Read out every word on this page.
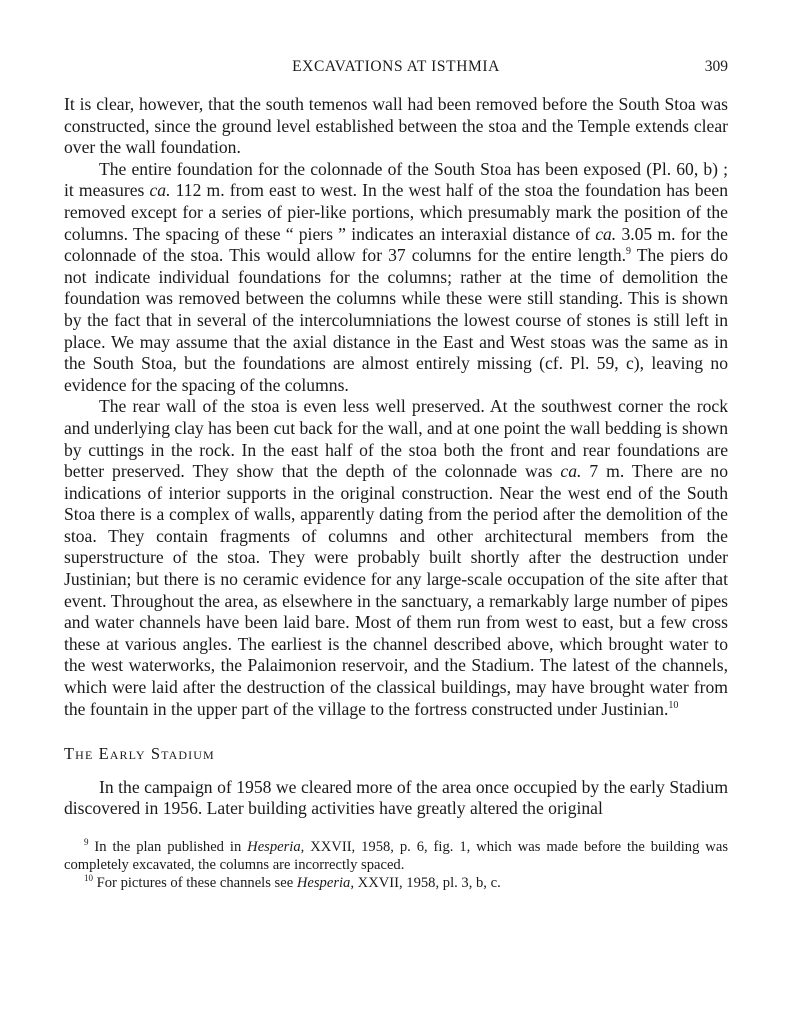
EXCAVATIONS AT ISTHMIA	309

It is clear, however, that the south temenos wall had been removed before the South Stoa was constructed, since the ground level established between the stoa and the Temple extends clear over the wall foundation.

The entire foundation for the colonnade of the South Stoa has been exposed (Pl. 60, b) ; it measures ca. 112 m. from east to west. In the west half of the stoa the foundation has been removed except for a series of pier-like portions, which presumably mark the position of the columns. The spacing of these “ piers ” indicates an interaxial distance of ca. 3.05 m. for the colonnade of the stoa. This would allow for 37 columns for the entire length.$^9$ The piers do not indicate individual foundations for the columns; rather at the time of demolition the foundation was removed between the columns while these were still standing. This is shown by the fact that in several of the intercolumniations the lowest course of stones is still left in place. We may assume that the axial distance in the East and West stoas was the same as in the South Stoa, but the foundations are almost entirely missing (cf. Pl. 59, c), leaving no evidence for the spacing of the columns.

The rear wall of the stoa is even less well preserved. At the southwest corner the rock and underlying clay has been cut back for the wall, and at one point the wall bedding is shown by cuttings in the rock. In the east half of the stoa both the front and rear foundations are better preserved. They show that the depth of the colonnade was ca. 7 m. There are no indications of interior supports in the original construction. Near the west end of the South Stoa there is a complex of walls, apparently dating from the period after the demolition of the stoa. They contain fragments of columns and other architectural members from the superstructure of the stoa. They were probably built shortly after the destruction under Justinian; but there is no ceramic evidence for any large-scale occupation of the site after that event. Throughout the area, as elsewhere in the sanctuary, a remarkably large number of pipes and water channels have been laid bare. Most of them run from west to east, but a few cross these at various angles. The earliest is the channel described above, which brought water to the west waterworks, the Palaimonion reservoir, and the Stadium. The latest of the channels, which were laid after the destruction of the classical buildings, may have brought water from the fountain in the upper part of the village to the fortress constructed under Justinian.$^{10}$

The Early Stadium

In the campaign of 1958 we cleared more of the area once occupied by the early Stadium discovered in 1956. Later building activities have greatly altered the original

$^9$ In the plan published in Hesperia, XXVII, 1958, p. 6, fig. 1, which was made before the building was completely excavated, the columns are incorrectly spaced.

$^{10}$ For pictures of these channels see Hesperia, XXVII, 1958, pl. 3, b, c.
